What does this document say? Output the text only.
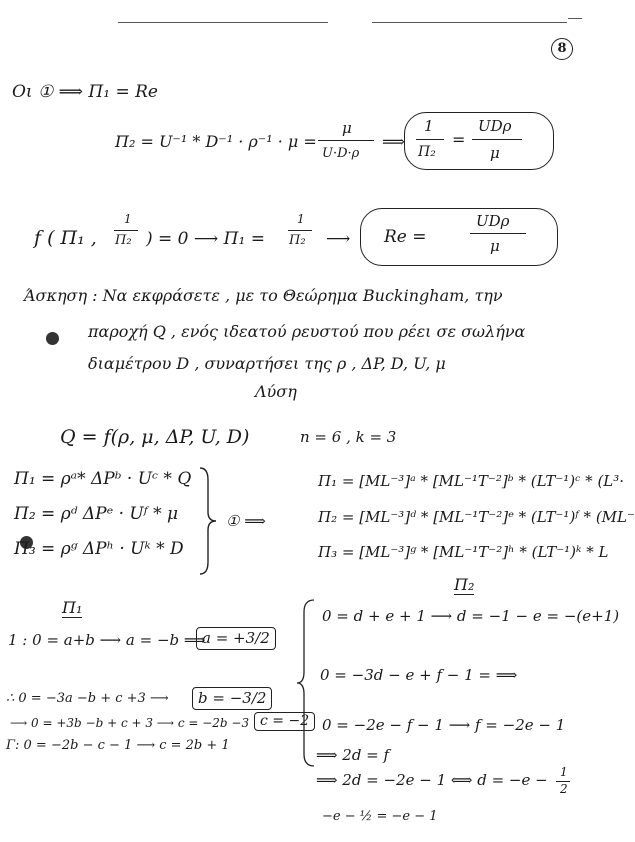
8
Οι ① ⟹ Π₁ = Re
Π₂ = U⁻¹ * D⁻¹ · ρ⁻¹ · μ =
μ
U·D·ρ
⟹
1
Π₂
=
UDρ
μ
f ( Π₁ ,
1
Π₂ ) = 0 ⟶ Π₁ =
1
Π₂ ⟶ Re =
UDρ
μ
Άσκηση : Να εκφράσετε , με το Θεώρημα Buckingham, την
παροχή Q , ενός ιδεατού ρευστού που ρέει σε σωλήνα
διαμέτρου D , συναρτήσει της ρ , ΔP, D, U, μ
Λύση
Q = f(ρ, μ, ΔP, U, D)	n = 6 , k = 3
Π₁ = ρᵃ* ΔPᵇ · Uᶜ * Q
Π₂ = ρᵈ ΔPᵉ · Uᶠ * μ
Π₃ = ρᵍ ΔPʰ · Uᵏ * D
① ⟹
Π₁ = [ML⁻³]ᵃ * [ML⁻¹T⁻²]ᵇ * (LT⁻¹)ᶜ * (L³·
Π₂ = [ML⁻³]ᵈ * [ML⁻¹T⁻²]ᵉ * (LT⁻¹)ᶠ * (ML⁻
Π₃ = [ML⁻³]ᵍ * [ML⁻¹T⁻²]ʰ * (LT⁻¹)ᵏ * L
Π₁
Π₂
1 : 0 = a+b ⟶ a = −b ⟹
a = +3/2
∴ 0 = −3a −b + c +3 ⟶	b = −3/2
⟶ 0 = +3b −b + c + 3 ⟶ c = −2b −3 c = −2
Γ: 0 = −2b − c − 1 ⟶ c = 2b + 1
0 = d + e + 1 ⟶ d = −1 − e = −(e+1)
0 = −3d − e + f − 1 = ⟹
0 = −2e − f − 1 ⟶ f = −2e − 1
⟹ 2d = f
⟹ 2d = −2e − 1 ⟺ d = −e − 1
2
−e − ½ = −e − 1
